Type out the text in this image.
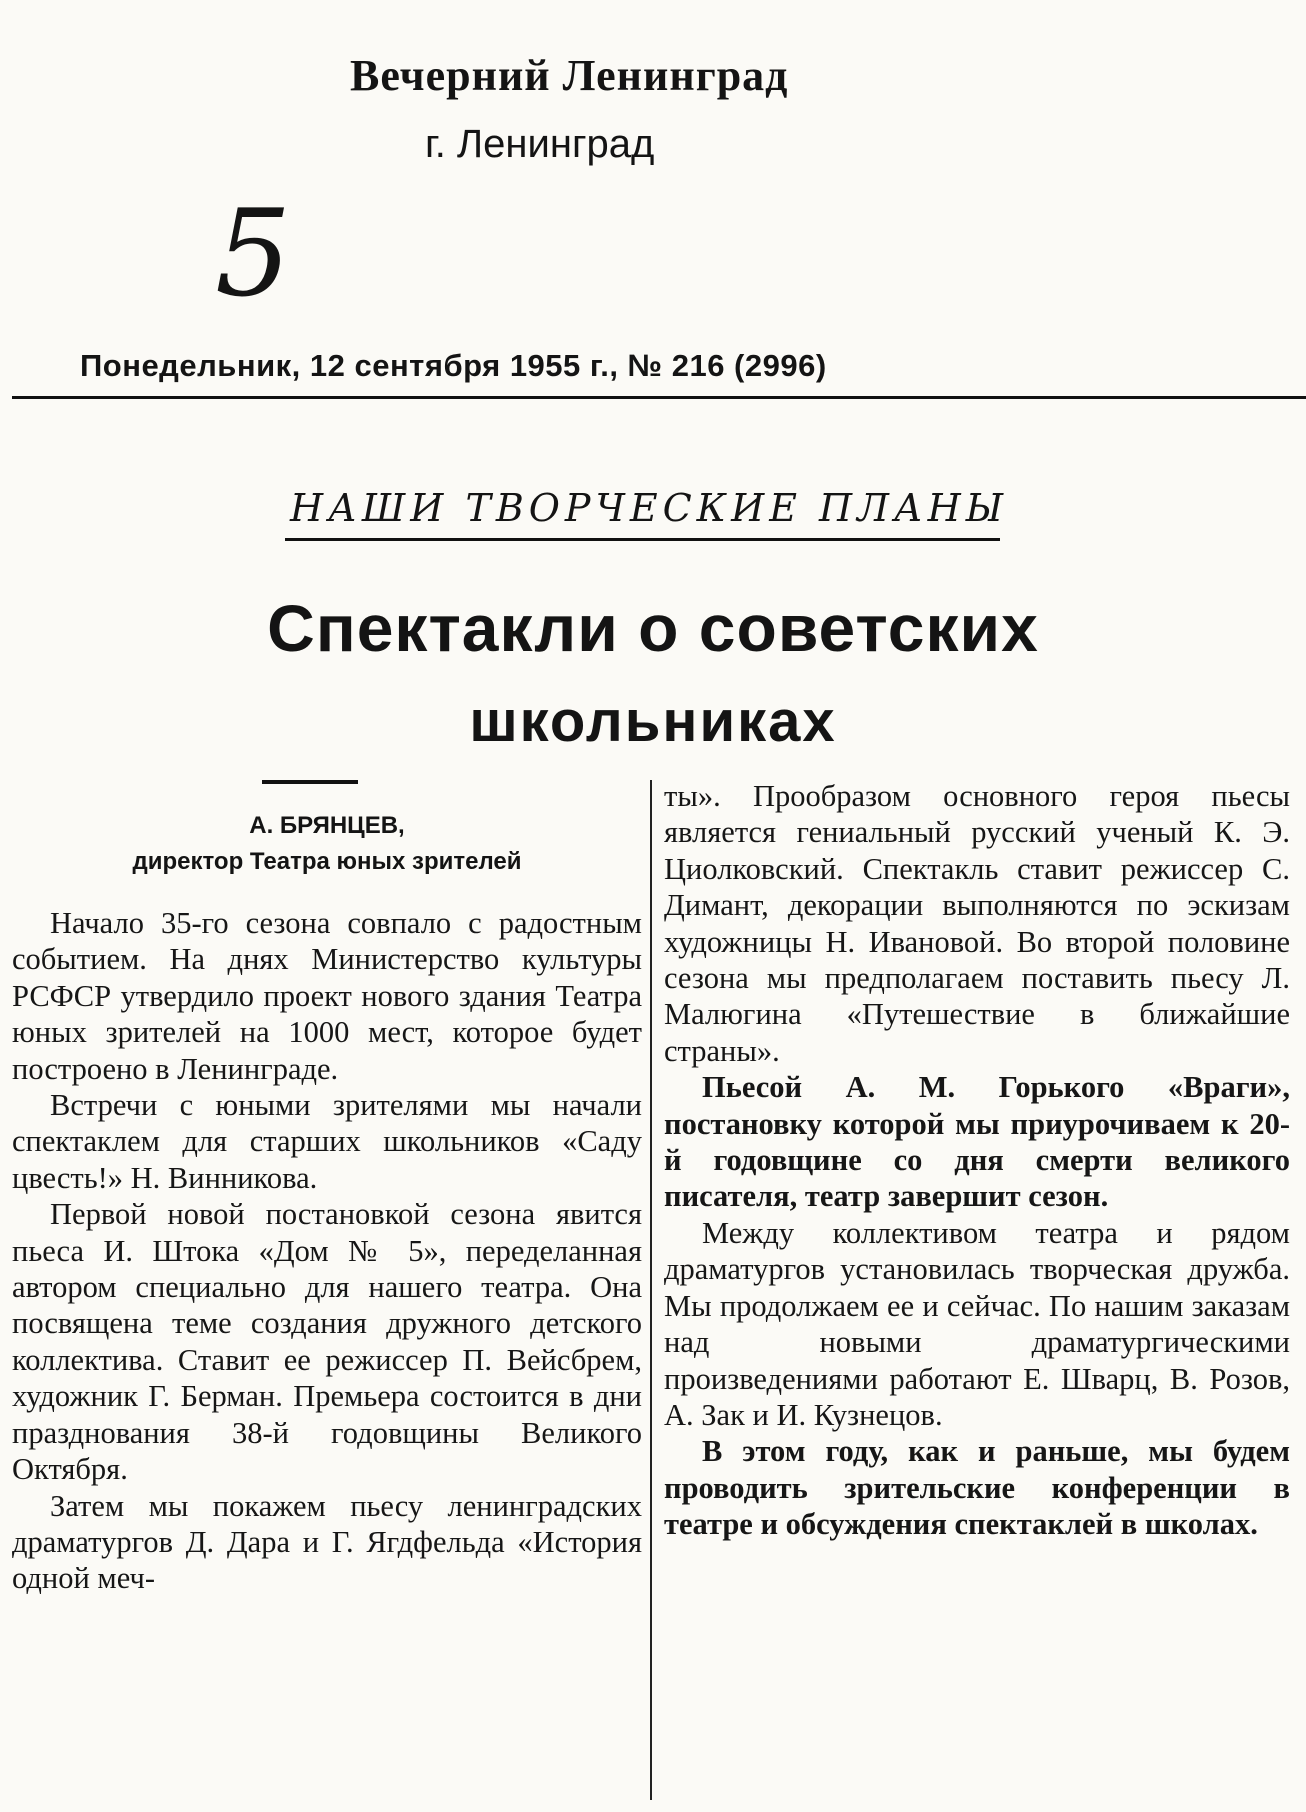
Вечерний Ленинград
г. Ленинград
5
Понедельник, 12 сентября 1955 г., № 216 (2996)
НАШИ ТВОРЧЕСКИЕ ПЛАНЫ
Спектакли о советских
школьниках
А. БРЯНЦЕВ,
директор Театра юных зрителей

Начало 35-го сезона совпало с радостным событием. На днях Министерство культуры РСФСР утвердило проект нового здания Театра юных зрителей на 1000 мест, которое будет построено в Ленинграде.

Встречи с юными зрителями мы начали спектаклем для старших школьников «Саду цвесть!» Н. Винникова.

Первой новой постановкой сезона явится пьеса И. Штока «Дом № 5», переделанная автором специально для нашего театра. Она посвящена теме создания дружного детского коллектива. Ставит ее режиссер П. Вейсбрем, художник Г. Берман. Премьера состоится в дни празднования 38-й годовщины Великого Октября.

Затем мы покажем пьесу ленинградских драматургов Д. Дара и Г. Ягдфельда «История одной меч-

ты». Прообразом основного героя пьесы является гениальный русский ученый К. Э. Циолковский. Спектакль ставит режиссер С. Димант, декорации выполняются по эскизам художницы Н. Ивановой. Во второй половине сезона мы предполагаем поставить пьесу Л. Малюгина «Путешествие в ближайшие страны».

Пьесой А. М. Горького «Враги», постановку которой мы приурочиваем к 20-й годовщине со дня смерти великого писателя, театр завершит сезон.

Между коллективом театра и рядом драматургов установилась творческая дружба. Мы продолжаем ее и сейчас. По нашим заказам над новыми драматургическими произведениями работают Е. Шварц, В. Розов, А. Зак и И. Кузнецов.

В этом году, как и раньше, мы будем проводить зрительские конференции в театре и обсуждения спектаклей в школах.
